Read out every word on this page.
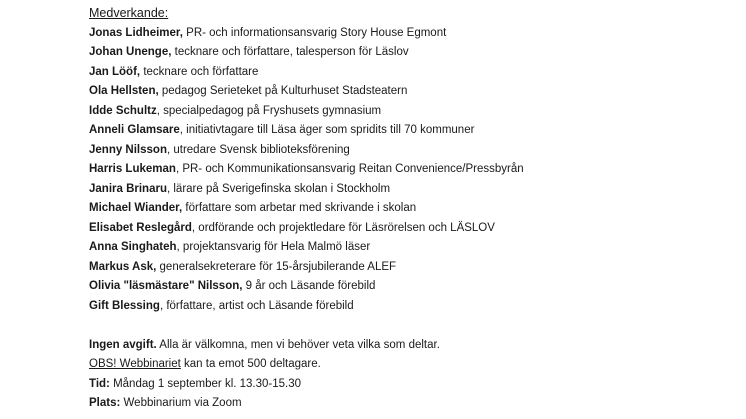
Medverkande:
Jonas Lidheimer, PR- och informationsansvarig Story House Egmont
Johan Unenge, tecknare och författare, talesperson för Läslov
Jan Lööf, tecknare och författare
Ola Hellsten, pedagog Serieteket på Kulturhuset Stadsteatern
Idde Schultz, specialpedagog på Fryshusets gymnasium
Anneli Glamsare, initiativtagare till Läsa äger som spridits till 70 kommuner
Jenny Nilsson, utredare Svensk biblioteksförening
Harris Lukeman, PR- och Kommunikationsansvarig Reitan Convenience/Pressbyrån
Janira Brinaru, lärare på Sverigefinska skolan i Stockholm
Michael Wiander, författare som arbetar med skrivande i skolan
Elisabet Reslegård, ordförande och projektledare för Läsrörelsen och LÄSLOV
Anna Singhateh, projektansvarig för Hela Malmö läser
Markus Ask, generalsekreterare för 15-årsjubilerande ALEF
Olivia "läsmästare" Nilsson, 9 år och Läsande förebild
Gift Blessing, författare, artist och Läsande förebild
Ingen avgift. Alla är välkomna, men vi behöver veta vilka som deltar.
OBS! Webbinariet kan ta emot 500 deltagare.
Tid: Måndag 1 september kl. 13.30-15.30
Plats: Webbinarium via Zoom
